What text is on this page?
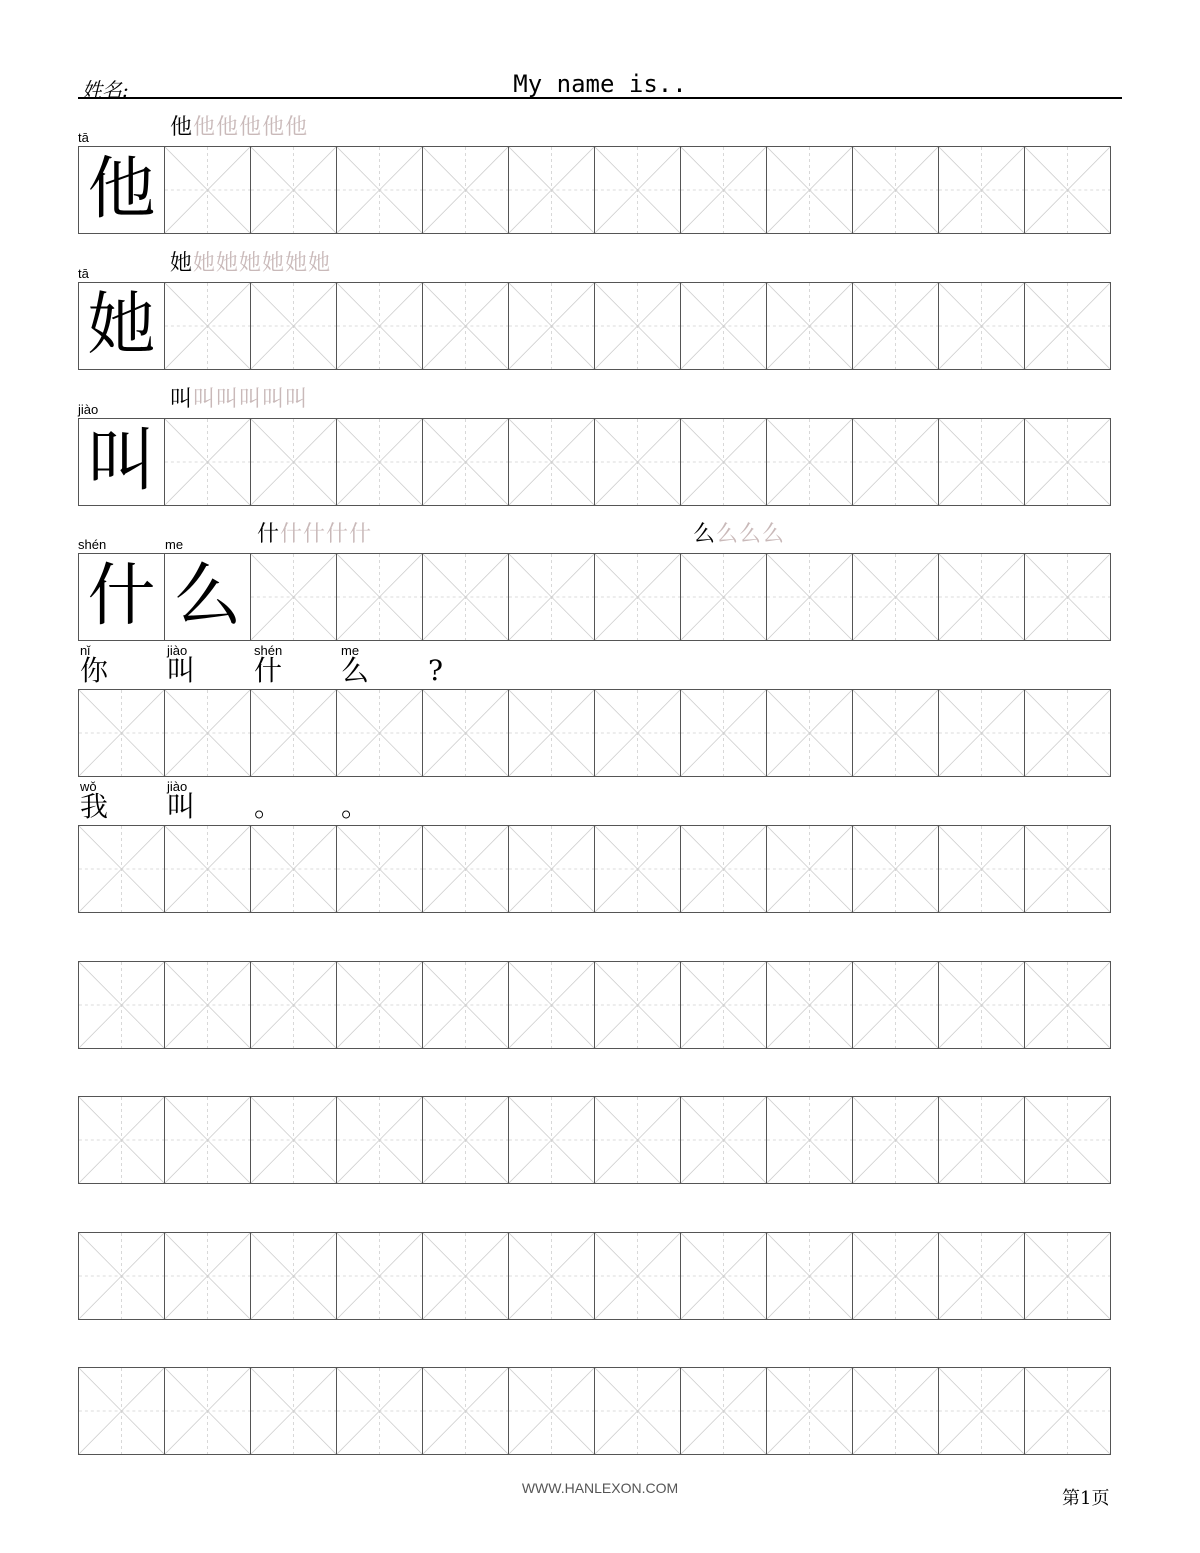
姓名:	My name is..
WWW.HANLEXON.COM	第1页
他
tā	他他他他他他
她
tā	她她她她她她她
叫
jiào	叫叫叫叫叫叫
什 么
shén	me	什什什什什	么么么么
nǐ
你
jiào
叫
shén
什
me
么 ?
wǒ
我
jiào
叫 。 。
